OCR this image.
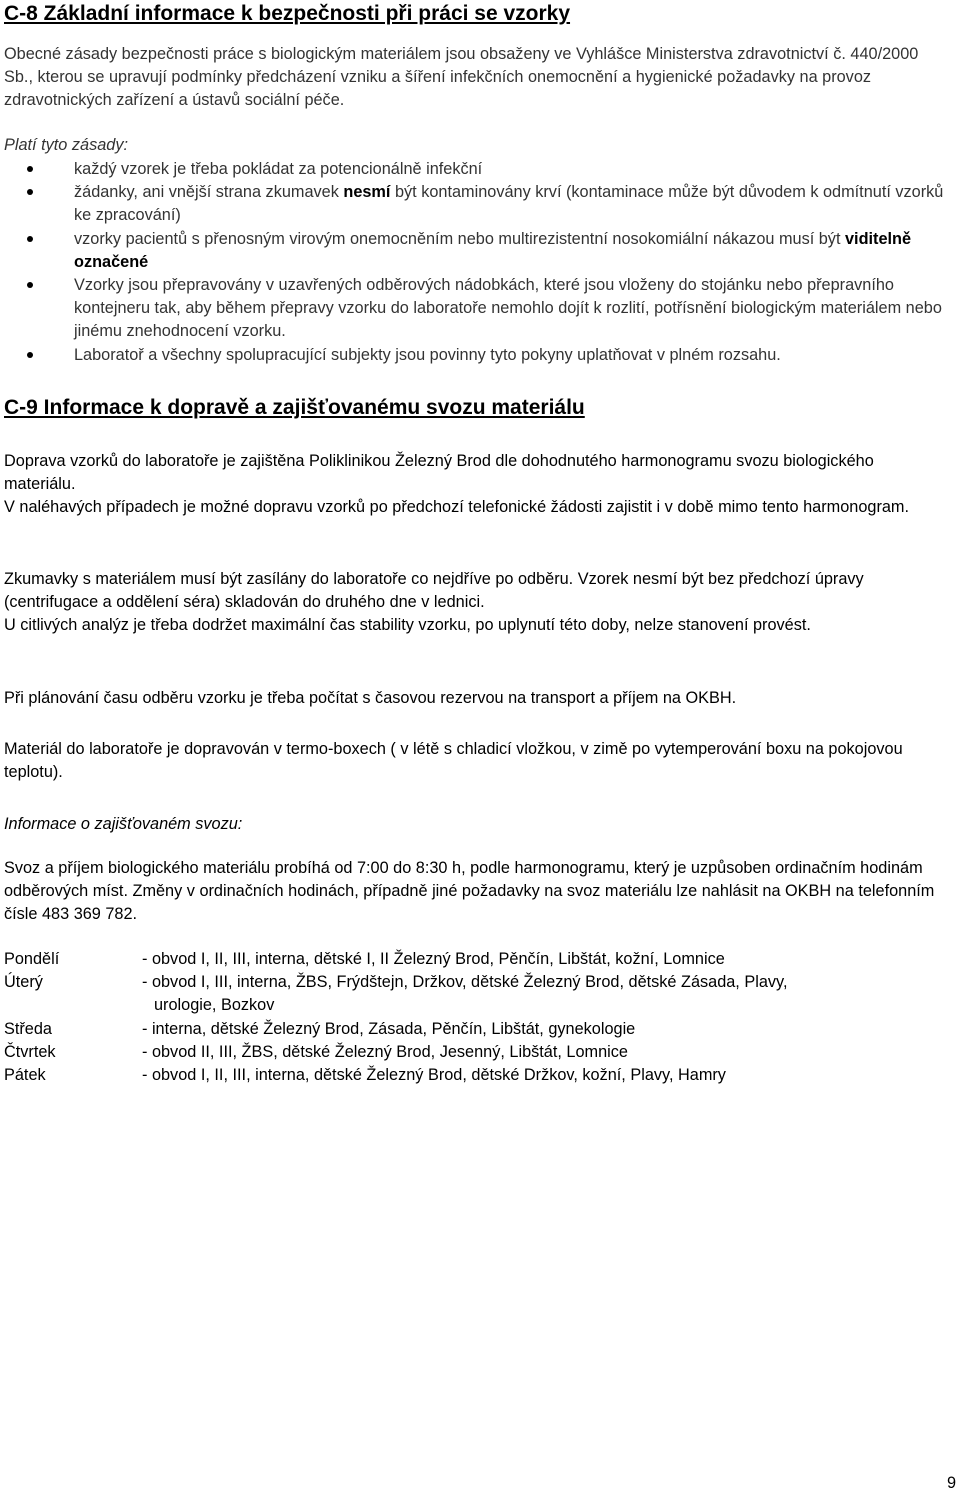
C-8 Základní informace k bezpečnosti při práci se vzorky

Obecné zásady bezpečnosti práce s biologickým materiálem jsou obsaženy ve Vyhlášce Ministerstva zdravotnictví č. 440/2000 Sb., kterou se upravují podmínky předcházení vzniku a šíření infekčních onemocnění a hygienické požadavky na provoz zdravotnických zařízení a ústavů sociální péče.

Platí tyto zásady:

každý vzorek je třeba pokládat za potencionálně infekční
žádanky, ani vnější strana zkumavek nesmí být kontaminovány krví (kontaminace může být důvodem k odmítnutí vzorků ke zpracování)
vzorky pacientů s přenosným virovým onemocněním nebo multirezistentní nosokomiální nákazou musí být viditelně označené
Vzorky jsou přepravovány v uzavřených odběrových nádobkách, které jsou vloženy do stojánku nebo přepravního kontejneru tak, aby během přepravy vzorku do laboratoře nemohlo dojít k rozlití, potřísnění biologickým materiálem nebo jinému znehodnocení vzorku.
Laboratoř a všechny spolupracující subjekty jsou povinny tyto pokyny uplatňovat v plném rozsahu.
C-9 Informace k dopravě a zajišťovanému svozu materiálu

Doprava vzorků do laboratoře je zajištěna Poliklinikou Železný Brod dle dohodnutého harmonogramu svozu biologického materiálu.

V naléhavých případech je možné dopravu vzorků po předchozí telefonické žádosti zajistit i v době mimo tento harmonogram.

Zkumavky s materiálem musí být zasílány do laboratoře co nejdříve po odběru. Vzorek nesmí být bez předchozí úpravy (centrifugace a oddělení séra) skladován do druhého dne v lednici.

U citlivých analýz je třeba dodržet maximální čas stability vzorku, po uplynutí této doby, nelze stanovení provést.

Při plánování času odběru vzorku je třeba počítat s časovou rezervou na transport a příjem na OKBH.

Materiál do laboratoře je dopravován v termo-boxech ( v létě s chladicí vložkou, v zimě po vytemperování boxu na pokojovou teplotu).

Informace o zajišťovaném svozu:

Svoz a příjem biologického materiálu probíhá od 7:00 do 8:30 h, podle harmonogramu, který je uzpůsoben ordinačním hodinám odběrových míst. Změny v ordinačních hodinách, případně jiné požadavky na svoz materiálu lze nahlásit na OKBH na telefonním čísle 483 369 782.

Pondělí	- obvod I, II, III, interna, dětské I, II Železný Brod, Pěnčín, Libštát, kožní, Lomnice
Úterý	- obvod I, III, interna, ŽBS, Frýdštejn, Držkov, dětské Železný Brod, dětské Zásada, Plavy,
urologie, Bozkov
Středa	- interna, dětské Železný Brod, Zásada, Pěnčín, Libštát, gynekologie
Čtvrtek	- obvod II, III, ŽBS, dětské Železný Brod, Jesenný, Libštát, Lomnice
Pátek	- obvod I, II, III, interna, dětské Železný Brod, dětské Držkov, kožní, Plavy, Hamry
9
